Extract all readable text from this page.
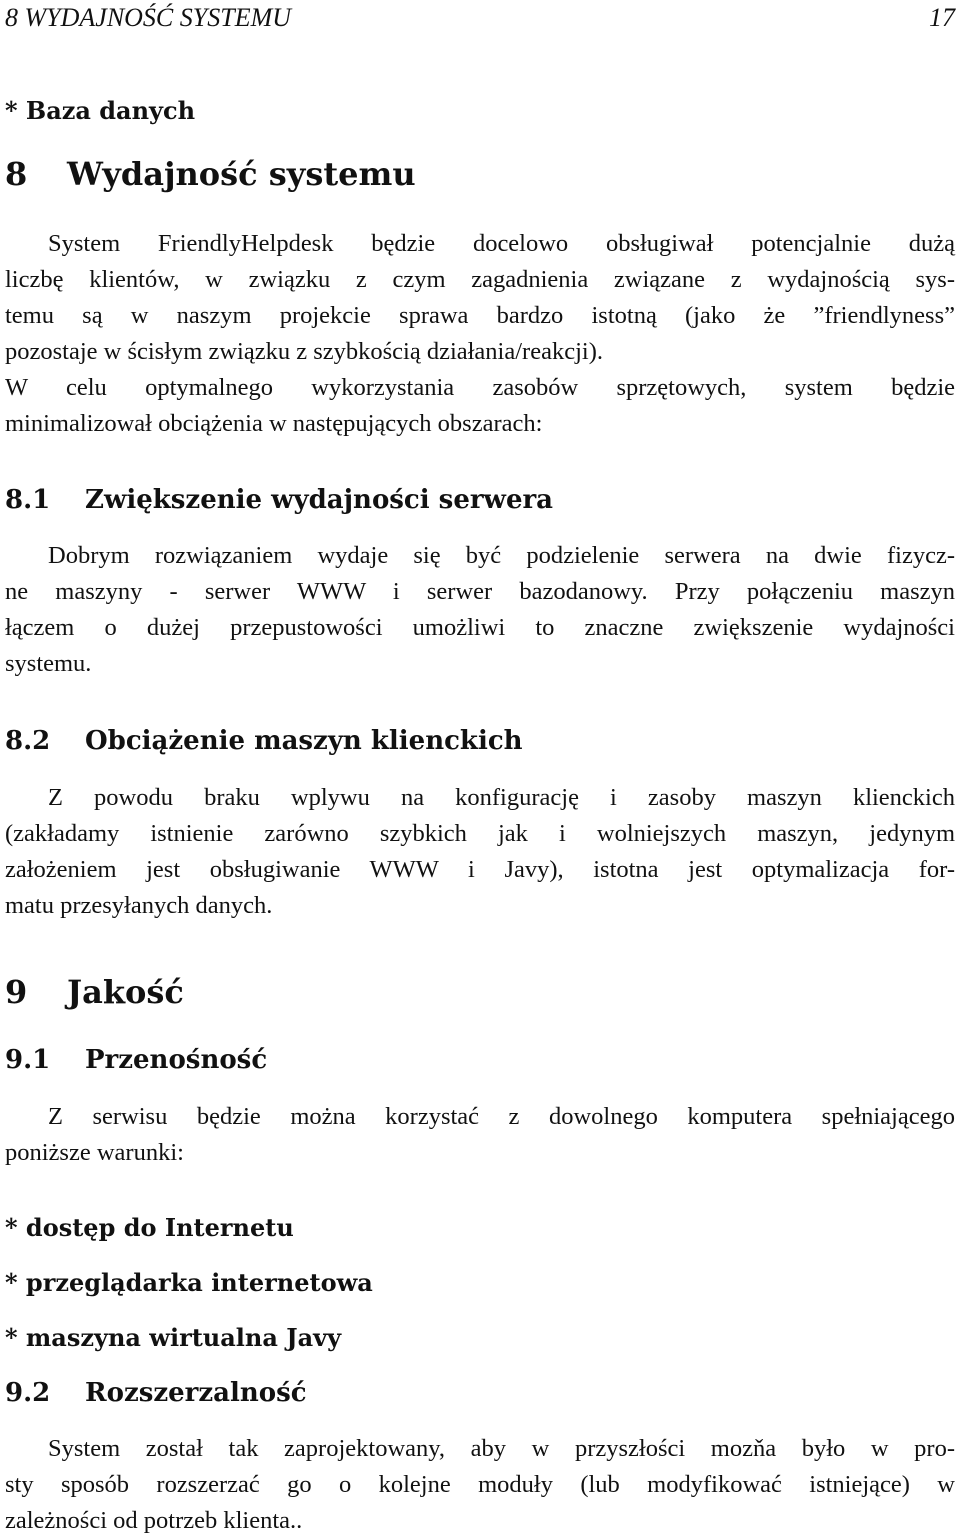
8 WYDAJNOŚĆ SYSTEMU	17
* Baza danych
8 Wydajność systemu
System FriendlyHelpdesk będzie docelowo obsługiwał potencjalnie dużą
liczbę klientów, w związku z czym zagadnienia związane z wydajnością sys-
temu są w naszym projekcie sprawa bardzo istotną (jako że ”friendlyness”
pozostaje w ścisłym związku z szybkością działania/reakcji).
W celu optymalnego wykorzystania zasobów sprzętowych, system będzie
minimalizował obciążenia w następujących obszarach:
8.1 Zwiększenie wydajności serwera
Dobrym rozwiązaniem wydaje się być podzielenie serwera na dwie fizycz-
ne maszyny - serwer WWW i serwer bazodanowy. Przy połączeniu maszyn
łączem o dużej przepustowości umożliwi to znaczne zwiększenie wydajności
systemu.
8.2 Obciążenie maszyn klienckich
Z powodu braku wplywu na konfigurację i zasoby maszyn klienckich
(zakładamy istnienie zarówno szybkich jak i wolniejszych maszyn, jedynym
założeniem jest obsługiwanie WWW i Javy), istotna jest optymalizacja for-
matu przesyłanych danych.
9 Jakość
9.1 Przenośność
Z serwisu będzie można korzystać z dowolnego komputera spełniającego
poniższe warunki:
* dostęp do Internetu
* przeglądarka internetowa
* maszyna wirtualna Javy
9.2 Rozszerzalność
System został tak zaprojektowany, aby w przyszłości mozňa było w pro-
sty sposób rozszerzać go o kolejne moduły (lub modyfikować istniejące) w
zależności od potrzeb klienta..
